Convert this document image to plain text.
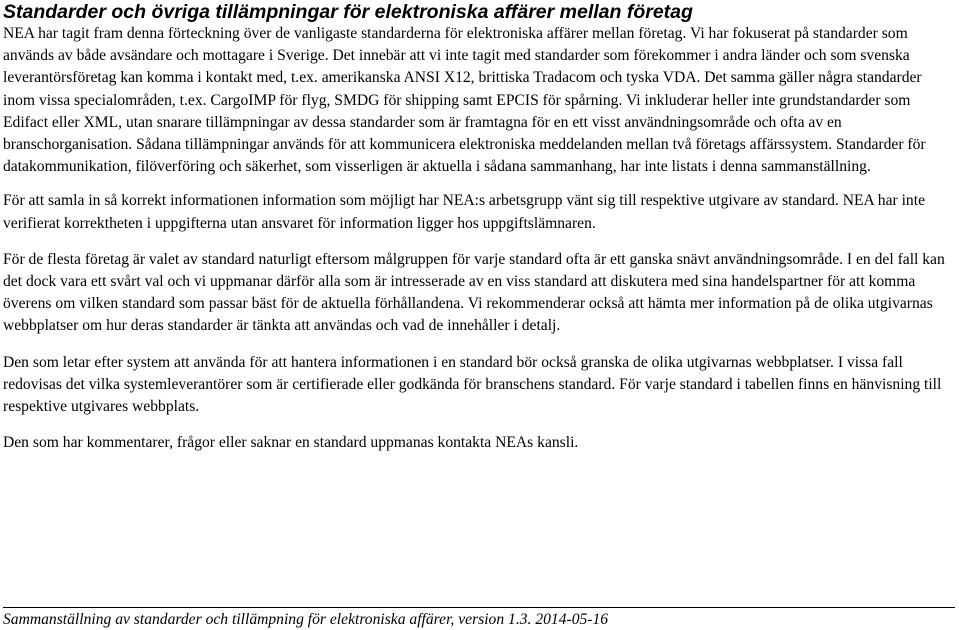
Standarder och övriga tillämpningar för elektroniska affärer mellan företag

NEA har tagit fram denna förteckning över de vanligaste standarderna för elektroniska affärer mellan företag. Vi har fokuserat på standarder som används av både avsändare och mottagare i Sverige. Det innebär att vi inte tagit med standarder som förekommer i andra länder och som svenska leverantörsföretag kan komma i kontakt med, t.ex. amerikanska ANSI X12, brittiska Tradacom och tyska VDA. Det samma gäller några standarder inom vissa specialområden, t.ex. CargoIMP för flyg, SMDG för shipping samt EPCIS för spårning. Vi inkluderar heller inte grundstandarder som Edifact eller XML, utan snarare tillämpningar av dessa standarder som är framtagna för en ett visst användningsområde och ofta av en branschorganisation. Sådana tillämpningar används för att kommunicera elektroniska meddelanden mellan två företags affärssystem. Standarder för datakommunikation, filöverföring och säkerhet, som visserligen är aktuella i sådana sammanhang, har inte listats i denna sammanställning.

För att samla in så korrekt informationen information som möjligt har NEA:s arbetsgrupp vänt sig till respektive utgivare av standard. NEA har inte verifierat korrektheten i uppgifterna utan ansvaret för information ligger hos uppgiftslämnaren.

För de flesta företag är valet av standard naturligt eftersom målgruppen för varje standard ofta är ett ganska snävt användningsområde. I en del fall kan det dock vara ett svårt val och vi uppmanar därför alla som är intresserade av en viss standard att diskutera med sina handelspartner för att komma överens om vilken standard som passar bäst för de aktuella förhållandena. Vi rekommenderar också att hämta mer information på de olika utgivarnas webbplatser om hur deras standarder är tänkta att användas och vad de innehåller i detalj.

Den som letar efter system att använda för att hantera informationen i en standard bör också granska de olika utgivarnas webbplatser. I vissa fall redovisas det vilka systemleverantörer som är certifierade eller godkända för branschens standard. För varje standard i tabellen finns en hänvisning till respektive utgivares webbplats.

Den som har kommentarer, frågor eller saknar en standard uppmanas kontakta NEAs kansli.

Sammanställning av standarder och tillämpning för elektroniska affärer, version 1.3. 2014-05-16
